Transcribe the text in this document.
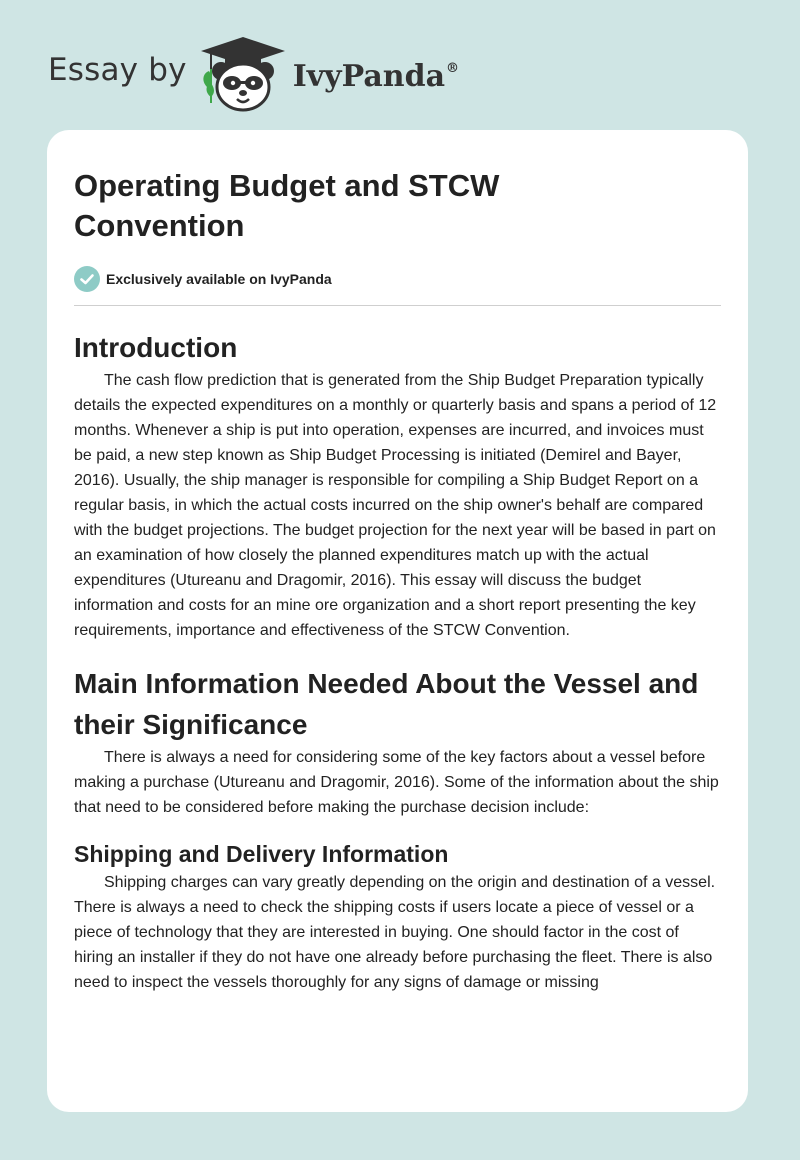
Essay by	IvyPanda®
Operating Budget and STCW Convention
Exclusively available on IvyPanda
Introduction

The cash flow prediction that is generated from the Ship Budget Preparation typically details the expected expenditures on a monthly or quarterly basis and spans a period of 12 months. Whenever a ship is put into operation, expenses are incurred, and invoices must be paid, a new step known as Ship Budget Processing is initiated (Demirel and Bayer, 2016). Usually, the ship manager is responsible for compiling a Ship Budget Report on a regular basis, in which the actual costs incurred on the ship owner's behalf are compared with the budget projections. The budget projection for the next year will be based in part on an examination of how closely the planned expenditures match up with the actual expenditures (Utureanu and Dragomir, 2016). This essay will discuss the budget information and costs for an mine ore organization and a short report presenting the key requirements, importance and effectiveness of the STCW Convention.

Main Information Needed About the Vessel and their Significance

There is always a need for considering some of the key factors about a vessel before making a purchase (Utureanu and Dragomir, 2016). Some of the information about the ship that need to be considered before making the purchase decision include:

Shipping and Delivery Information

Shipping charges can vary greatly depending on the origin and destination of a vessel. There is always a need to check the shipping costs if users locate a piece of vessel or a piece of technology that they are interested in buying. One should factor in the cost of hiring an installer if they do not have one already before purchasing the fleet. There is also need to inspect the vessels thoroughly for any signs of damage or missing
